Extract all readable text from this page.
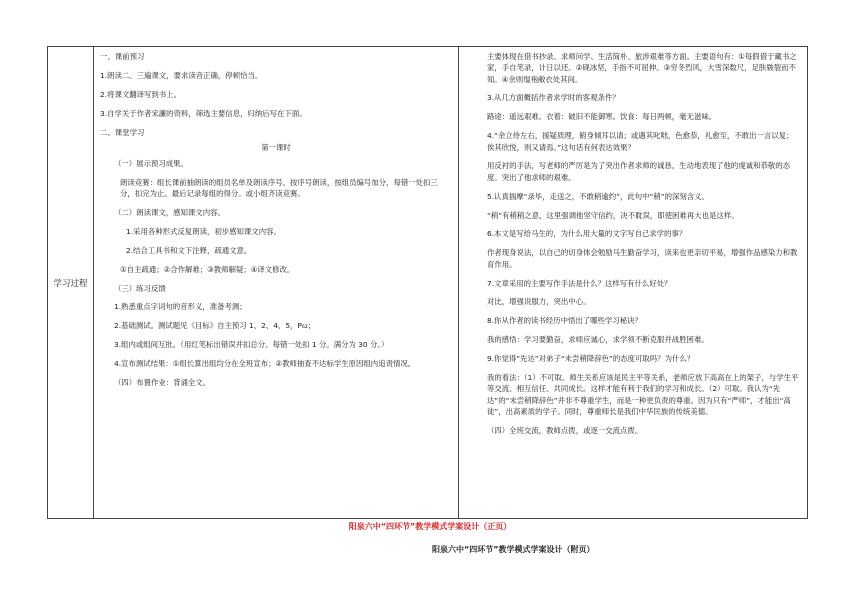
学习过程

一、课前预习

1.朗读二、三遍课文，要求读音正确，停顿恰当。

2.将课文翻译写到书上。

3.自学关于作者宋濂的资料，筛选主要信息，归纳后写在下面。

二、课堂学习

第一课时

（一）展示预习成果。

朗读竞赛：组长课前抽朗读的组员名单及朗读序号、按序号朗读，按组员编号加分，每错一处扣三分，扣完为止。最后记录每组的得分。或小组齐读竞赛。

（二）朗读课文，感知课文内容。

1.采用各种形式反复朗读，初步感知课文内容。

2.结合工具书和文下注释，疏通文意。

①自主疏通；②合作解难；③教师解疑；④译文修改。

（三）练习反馈

1.熟悉重点字词句的音形义，准备考测；

2.基础测试。测试题见《目标》自主预习 1、2、4、5，P₆₂；

3.组内或组间互批。（用红笔标出错误并扣总分。每错一处扣 1 分。满分为 30 分。）

4.宣布测试结果：①组长算出组均分在全班宣布；②教师抽查不达标学生原因组内追责情况。

（四）布置作业：背诵全文。

主要体现在借书抄录、求师问学、生活简朴、旅涉艰难等方面。主要语句有：①每假借于藏书之家，手自笔录，计日以还。②砚冰坚，手指不可屈伸。③穷冬烈风，大雪深数尺，足肤皲裂而不知。④余则缊袍敝衣处其间。

3.从几方面概括作者求学时的客观条件？

路途：遥远艰难。衣着：破旧不能御寒。饮食：每日两顿，毫无滋味。

4.“余立侍左右，援疑质理，俯身倾耳以请；或遇其叱咄，色愈恭，礼愈至，不敢出一言以复；俟其欣悦，则又请焉。”这句话有何表达效果？

用反衬的手法，写老师的严厉是为了突出作者求师的诚恳，生动地表现了他的虔诚和恭敬的态度。突出了他求师的艰难。

5.认真揣摩“录毕，走送之，不敢稍逾约”，此句中“稍”的深刻含义。

“稍”有稍稍之意，这里强调他坚守信约，决不耽误，即使困难再大也是这样。

6.本文是写给马生的，为什么用大量的文字写自己求学的事？

作者现身说法，以自己的切身体会勉励马生勤奋学习，读来也更亲切平易，增强作品感染力和教育作用。

7.文章采用的主要写作手法是什么？这样写有什么好处？

对比，增强说服力，突出中心。

8.你从作者的读书经历中悟出了哪些学习秘诀？

我的感悟：学习要勤奋，求师应诚心，求学须不断克服并战胜困难。

9.你觉得“先达”对弟子“未尝稍降辞色”的态度可取吗？为什么？

我的看法：（1）不可取。师生关系应该是民主平等关系，老师应放下高高在上的架子，与学生平等交流、相互信任、共同成长。这样才能有利于我们的学习和成长。（2）可取。我认为“先达”的“未尝稍降辞色”并非不尊重学生，而是一种更负责的尊重。因为只有“严师”，才能出“高徒”，出高素质的学子。同时，尊重师长是我们中华民族的传统美德。

（四）全班交流，教师点拨，或逐一交流点拨。

阳泉六中“四环节”教学模式学案设计（正页）
阳泉六中“四环节”教学模式学案设计（附页）
